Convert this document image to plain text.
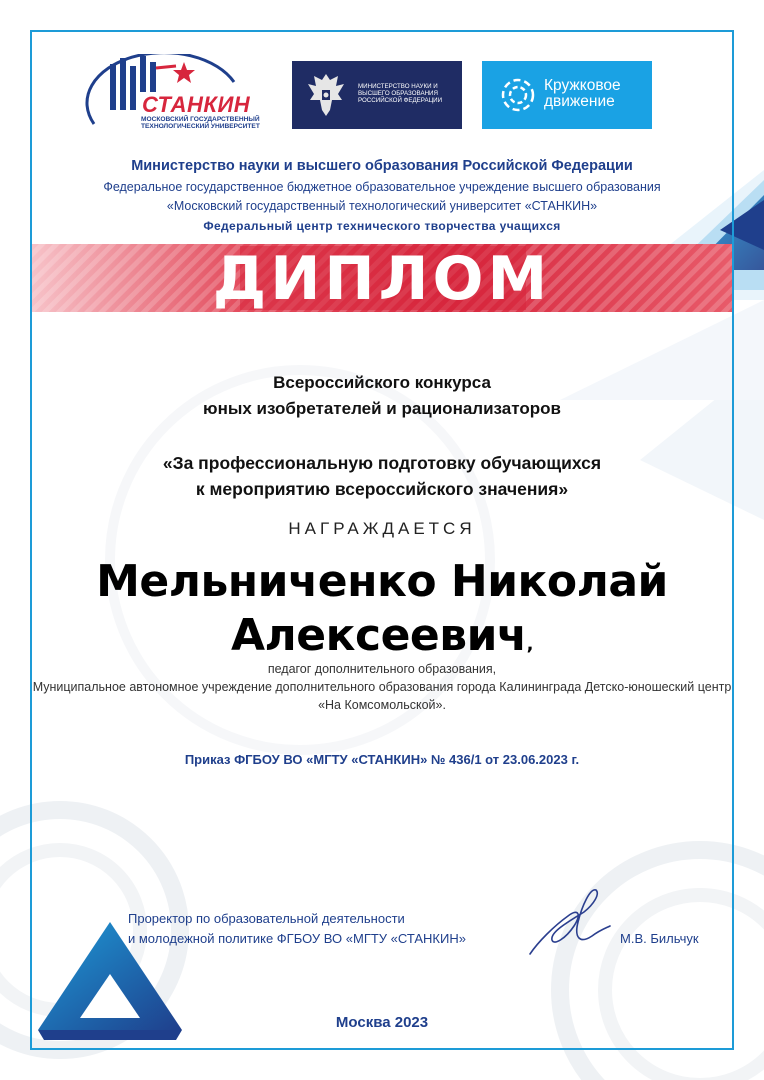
СТАНКИН
МОСКОВСКИЙ ГОСУДАРСТВЕННЫЙ ТЕХНОЛОГИЧЕСКИЙ УНИВЕРСИТЕТ
МИНИСТЕРСТВО НАУКИ И ВЫСШЕГО ОБРАЗОВАНИЯ РОССИЙСКОЙ ФЕДЕРАЦИИ
Кружковое движение
Министерство науки и высшего образования Российской Федерации
Федеральное государственное бюджетное образовательное учреждение высшего образования
«Московский государственный технологический университет «СТАНКИН»
Федеральный центр технического творчества учащихся
ДИПЛОМ
Всероссийского конкурса
юных изобретателей и рационализаторов
«За профессиональную подготовку обучающихся
к мероприятию всероссийского значения»
НАГРАЖДАЕТСЯ
Мельниченко Николай
Алексеевич,
педагог дополнительного образования,
Муниципальное автономное учреждение дополнительного образования города Калининграда Детско-юношеский центр
«На Комсомольской».
Приказ ФГБОУ ВО «МГТУ «СТАНКИН» № 436/1 от 23.06.2023 г.
Проректор по образовательной деятельности
и молодежной политике ФГБОУ ВО «МГТУ «СТАНКИН»	М.В. Бильчук
Москва 2023
